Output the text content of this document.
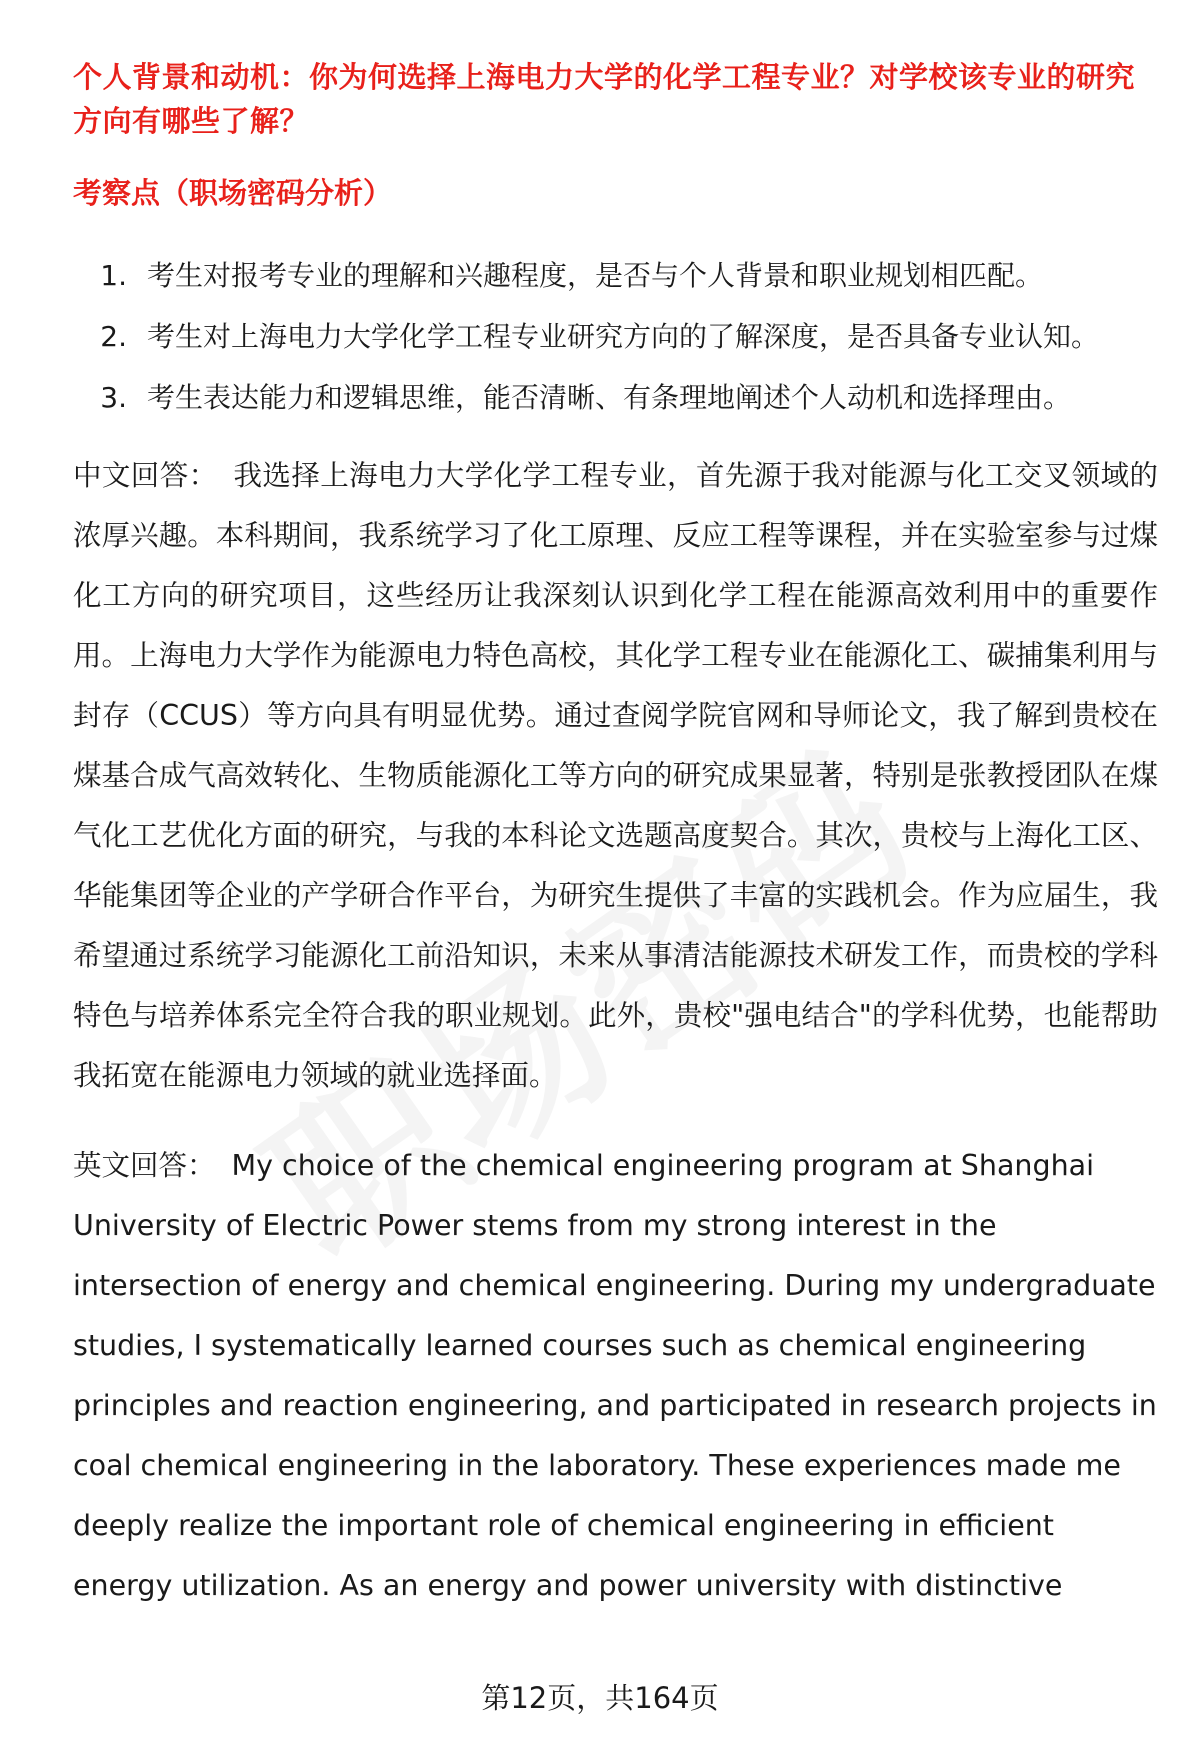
个人背景和动机：你为何选择上海电力大学的化学工程专业？对学校该专业的研究方向有哪些了解？
考察点（职场密码分析）
1. 考生对报考专业的理解和兴趣程度，是否与个人背景和职业规划相匹配。
2. 考生对上海电力大学化学工程专业研究方向的了解深度，是否具备专业认知。
3. 考生表达能力和逻辑思维，能否清晰、有条理地阐述个人动机和选择理由。

中文回答： 我选择上海电力大学化学工程专业，首先源于我对能源与化工交叉领域的浓厚兴趣。本科期间，我系统学习了化工原理、反应工程等课程，并在实验室参与过煤化工方向的研究项目，这些经历让我深刻认识到化学工程在能源高效利用中的重要作用。上海电力大学作为能源电力特色高校，其化学工程专业在能源化工、碳捕集利用与封存（CCUS）等方向具有明显优势。通过查阅学院官网和导师论文，我了解到贵校在煤基合成气高效转化、生物质能源化工等方向的研究成果显著，特别是张教授团队在煤气化工艺优化方面的研究，与我的本科论文选题高度契合。其次，贵校与上海化工区、华能集团等企业的产学研合作平台，为研究生提供了丰富的实践机会。作为应届生，我希望通过系统学习能源化工前沿知识，未来从事清洁能源技术研发工作，而贵校的学科特色与培养体系完全符合我的职业规划。此外，贵校"强电结合"的学科优势，也能帮助我拓宽在能源电力领域的就业选择面。

英文回答： My choice of the chemical engineering program at Shanghai University of Electric Power stems from my strong interest in the intersection of energy and chemical engineering. During my undergraduate studies, I systematically learned courses such as chemical engineering principles and reaction engineering, and participated in research projects in coal chemical engineering in the laboratory. These experiences made me deeply realize the important role of chemical engineering in efficient energy utilization. As an energy and power university with distinctive

第12页，共164页
